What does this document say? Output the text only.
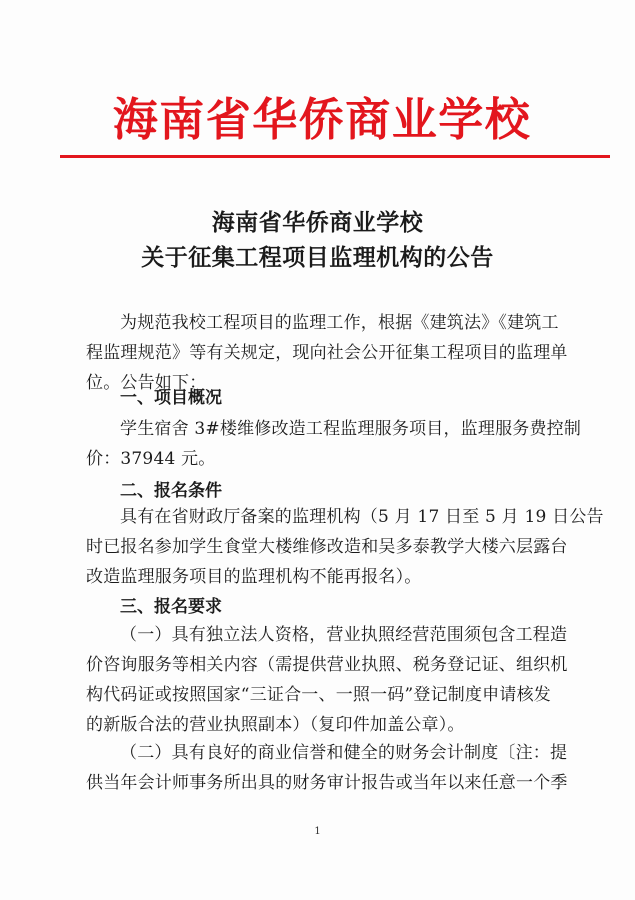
海南省华侨商业学校
海南省华侨商业学校
关于征集工程项目监理机构的公告
为规范我校工程项目的监理工作，根据《建筑法》《建筑工
程监理规范》等有关规定，现向社会公开征集工程项目的监理单
位。公告如下：
一、项目概况
学生宿舍 3#楼维修改造工程监理服务项目，监理服务费控制
价：37944 元。
二、报名条件
具有在省财政厅备案的监理机构（5 月 17 日至 5 月 19 日公告
时已报名参加学生食堂大楼维修改造和吴多泰教学大楼六层露台
改造监理服务项目的监理机构不能再报名）。
三、报名要求
（一）具有独立法人资格，营业执照经营范围须包含工程造
价咨询服务等相关内容（需提供营业执照、税务登记证、组织机
构代码证或按照国家“三证合一、一照一码”登记制度申请核发
的新版合法的营业执照副本）（复印件加盖公章）。
（二）具有良好的商业信誉和健全的财务会计制度〔注：提
供当年会计师事务所出具的财务审计报告或当年以来任意一个季
1
